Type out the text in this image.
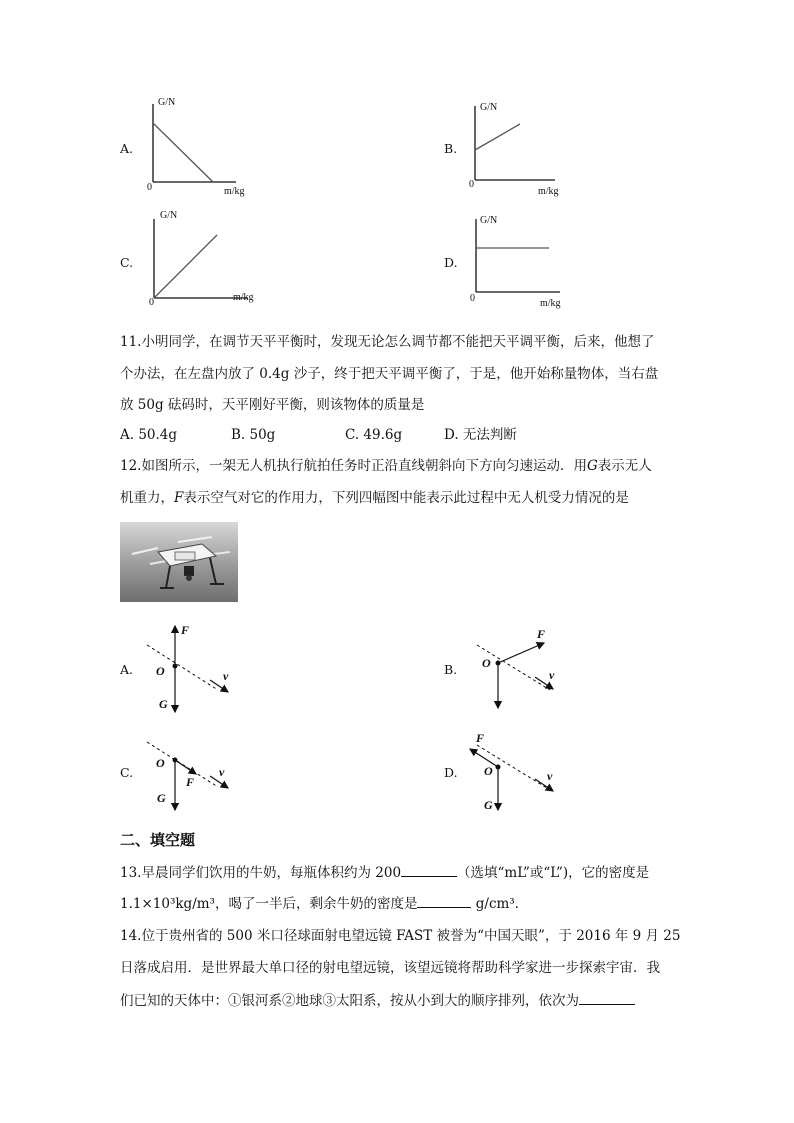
A.
G/N
0	m/kg
B.
G/N
0
m/kg
C.
G/N
0	m/kg
D.
G/N
0	m/kg
11.小明同学，在调节天平平衡时，发现无论怎么调节都不能把天平调平衡，后来，他想了
个办法，在左盘内放了 0.4g 沙子，终于把天平调平衡了，于是，他开始称量物体，当右盘
放 50g 砝码时，天平刚好平衡，则该物体的质量是
A. 50.4g	B. 50g	C. 49.6g	D. 无法判断
12.如图所示，一架无人机执行航拍任务时正沿直线朝斜向下方向匀速运动．用G表示无人
机重力，F表示空气对它的作用力，下列四幅图中能表示此过程中无人机受力情况的是
A.
F
O	v
G
B.
F
O
v
C.
O
F
v
G
D.
F
O	v
G
二、填空题
13.早晨同学们饮用的牛奶，每瓶体积约为 200	（选填“mL”或“L”)，它的密度是
1.1×10³kg/m³，喝了一半后，剩余牛奶的密度是	g/cm³．
14.位于贵州省的 500 米口径球面射电望远镜 FAST 被誉为“中国天眼”，于 2016 年 9 月 25
日落成启用．是世界最大单口径的射电望远镜，该望远镜将帮助科学家进一步探索宇宙．我
们已知的天体中：①银河系②地球③太阳系，按从小到大的顺序排列，依次为
